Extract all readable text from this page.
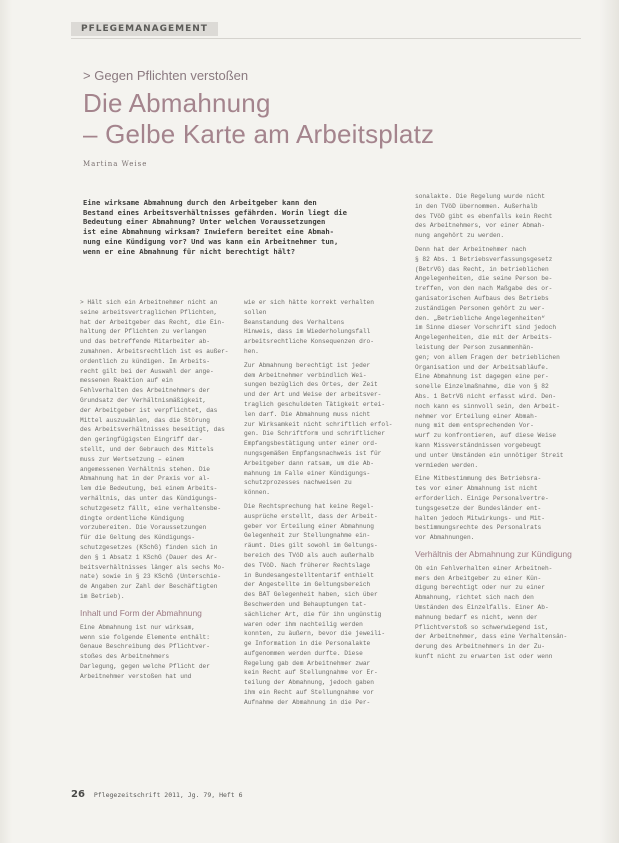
PFLEGEMANAGEMENT
> Gegen Pflichten verstoßen
Die Abmahnung
– Gelbe Karte am Arbeitsplatz
Martina Weise

Eine wirksame Abmahnung durch den Arbeitgeber kann den

Bestand eines Arbeitsverhältnisses gefährden. Worin liegt die

Bedeutung einer Abmahnung? Unter welchen Voraussetzungen

ist eine Abmahnung wirksam? Inwiefern bereitet eine Abmah-

nung eine Kündigung vor? Und was kann ein Arbeitnehmer tun,

wenn er eine Abmahnung für nicht berechtigt hält?

> Hält sich ein Arbeitnehmer nicht an

seine arbeitsvertraglichen Pflichten,

hat der Arbeitgeber das Recht, die Ein-

haltung der Pflichten zu verlangen

und das betreffende Mitarbeiter ab-

zumahnen. Arbeitsrechtlich ist es außer-

ordentlich zu kündigen. Im Arbeits-

recht gilt bei der Auswahl der ange-

messenen Reaktion auf ein

Fehlverhalten des Arbeitnehmers der

Grundsatz der Verhältnismäßigkeit,

der Arbeitgeber ist verpflichtet, das

Mittel auszuwählen, das die Störung

des Arbeitsverhältnisses beseitigt, das

den geringfügigsten Eingriff dar-

stellt, und der Gebrauch des Mittels

muss zur Wertsetzung – einem

angemessenen Verhältnis stehen. Die

Abmahnung hat in der Praxis vor al-

lem die Bedeutung, bei einem Arbeits-

verhältnis, das unter das Kündigungs-

schutzgesetz fällt, eine verhaltensbe-

dingte ordentliche Kündigung

vorzubereiten. Die Voraussetzungen

für die Geltung des Kündigungs-

schutzgesetzes (KSchG) finden sich in

den § 1 Absatz 1 KSchG (Dauer des Ar-

beitsverhältnisses länger als sechs Mo-

nate) sowie in § 23 KSchG (Unterschie-

de Angaben zur Zahl der Beschäftigten

im Betrieb).

Inhalt und Form der Abmahnung

Eine Abmahnung ist nur wirksam,

wenn sie folgende Elemente enthält:

Genaue Beschreibung des Pflichtver-

stoßes des Arbeitnehmers

Darlegung, gegen welche Pflicht der

Arbeitnehmer verstoßen hat und

wie er sich hätte korrekt verhalten

sollen

Beanstandung des Verhaltens

Hinweis, dass im Wiederholungsfall

arbeitsrechtliche Konsequenzen dro-

hen.

Zur Abmahnung berechtigt ist jeder

dem Arbeitnehmer verbindlich Wei-

sungen bezüglich des Ortes, der Zeit

und der Art und Weise der arbeitsver-

traglich geschuldeten Tätigkeit ertei-

len darf. Die Abmahnung muss nicht

zur Wirksamkeit nicht schriftlich erfol-

gen. Die Schriftform und schriftlicher

Empfangsbestätigung unter einer ord-

nungsgemäßen Empfangsnachweis ist für

Arbeitgeber dann ratsam, um die Ab-

mahnung im Falle einer Kündigungs-

schutzprozesses nachweisen zu

können.

Die Rechtsprechung hat keine Regel-

ausprüche erstellt, dass der Arbeit-

geber vor Erteilung einer Abmahnung

Gelegenheit zur Stellungnahme ein-

räumt. Dies gilt sowohl im Geltungs-

bereich des TVöD als auch außerhalb

des TVöD. Nach früherer Rechtslage

in Bundesangestelltentarif enthielt

der Angestellte im Geltungsbereich

des BAT Gelegenheit haben, sich über

Beschwerden und Behauptungen tat-

sächlicher Art, die für ihn ungünstig

waren oder ihm nachteilig werden

konnten, zu äußern, bevor die jeweili-

ge Information in die Personalakte

aufgenommen werden durfte. Diese

Regelung gab dem Arbeitnehmer zwar

kein Recht auf Stellungnahme vor Er-

teilung der Abmahnung, jedoch gaben

ihm ein Recht auf Stellungnahme vor

Aufnahme der Abmahnung in die Per-

sonalakte. Die Regelung wurde nicht

in den TVöD übernommen. Außerhalb

des TVöD gibt es ebenfalls kein Recht

des Arbeitnehmers, vor einer Abmah-

nung angehört zu werden.

Denn hat der Arbeitnehmer nach

§ 82 Abs. 1 Betriebsverfassungsgesetz

(BetrVG) das Recht, in betrieblichen

Angelegenheiten, die seine Person be-

treffen, von den nach Maßgabe des or-

ganisatorischen Aufbaus des Betriebs

zuständigen Personen gehört zu wer-

den. „Betriebliche Angelegenheiten“

im Sinne dieser Vorschrift sind jedoch

Angelegenheiten, die mit der Arbeits-

leistung der Person zusammenhän-

gen; von allem Fragen der betrieblichen

Organisation und der Arbeitsabläufe.

Eine Abmahnung ist dagegen eine per-

sonelle Einzelmaßnahme, die von § 82

Abs. 1 BetrVG nicht erfasst wird. Den-

noch kann es sinnvoll sein, den Arbeit-

nehmer vor Erteilung einer Abmah-

nung mit dem entsprechenden Vor-

wurf zu konfrontieren, auf diese Weise

kann Missverständnissen vorgebeugt

und unter Umständen ein unnötiger Streit

vermieden werden.

Eine Mitbestimmung des Betriebsra-

tes vor einer Abmahnung ist nicht

erforderlich. Einige Personalvertre-

tungsgesetze der Bundesländer ent-

halten jedoch Mitwirkungs- und Mit-

bestimmungsrechte des Personalrats

vor Abmahnungen.

Verhältnis der Abmahnung zur Kündigung

Ob ein Fehlverhalten einer Arbeitneh-

mers den Arbeitgeber zu einer Kün-

digung berechtigt oder nur zu einer

Abmahnung, richtet sich nach den

Umständen des Einzelfalls. Einer Ab-

mahnung bedarf es nicht, wenn der

Pflichtverstoß so schwerwiegend ist,

der Arbeitnehmer, dass eine Verhaltensän-

derung des Arbeitnehmers in der Zu-

kunft nicht zu erwarten ist oder wenn

26 Pflegezeitschrift 2011, Jg. 79, Heft 6
